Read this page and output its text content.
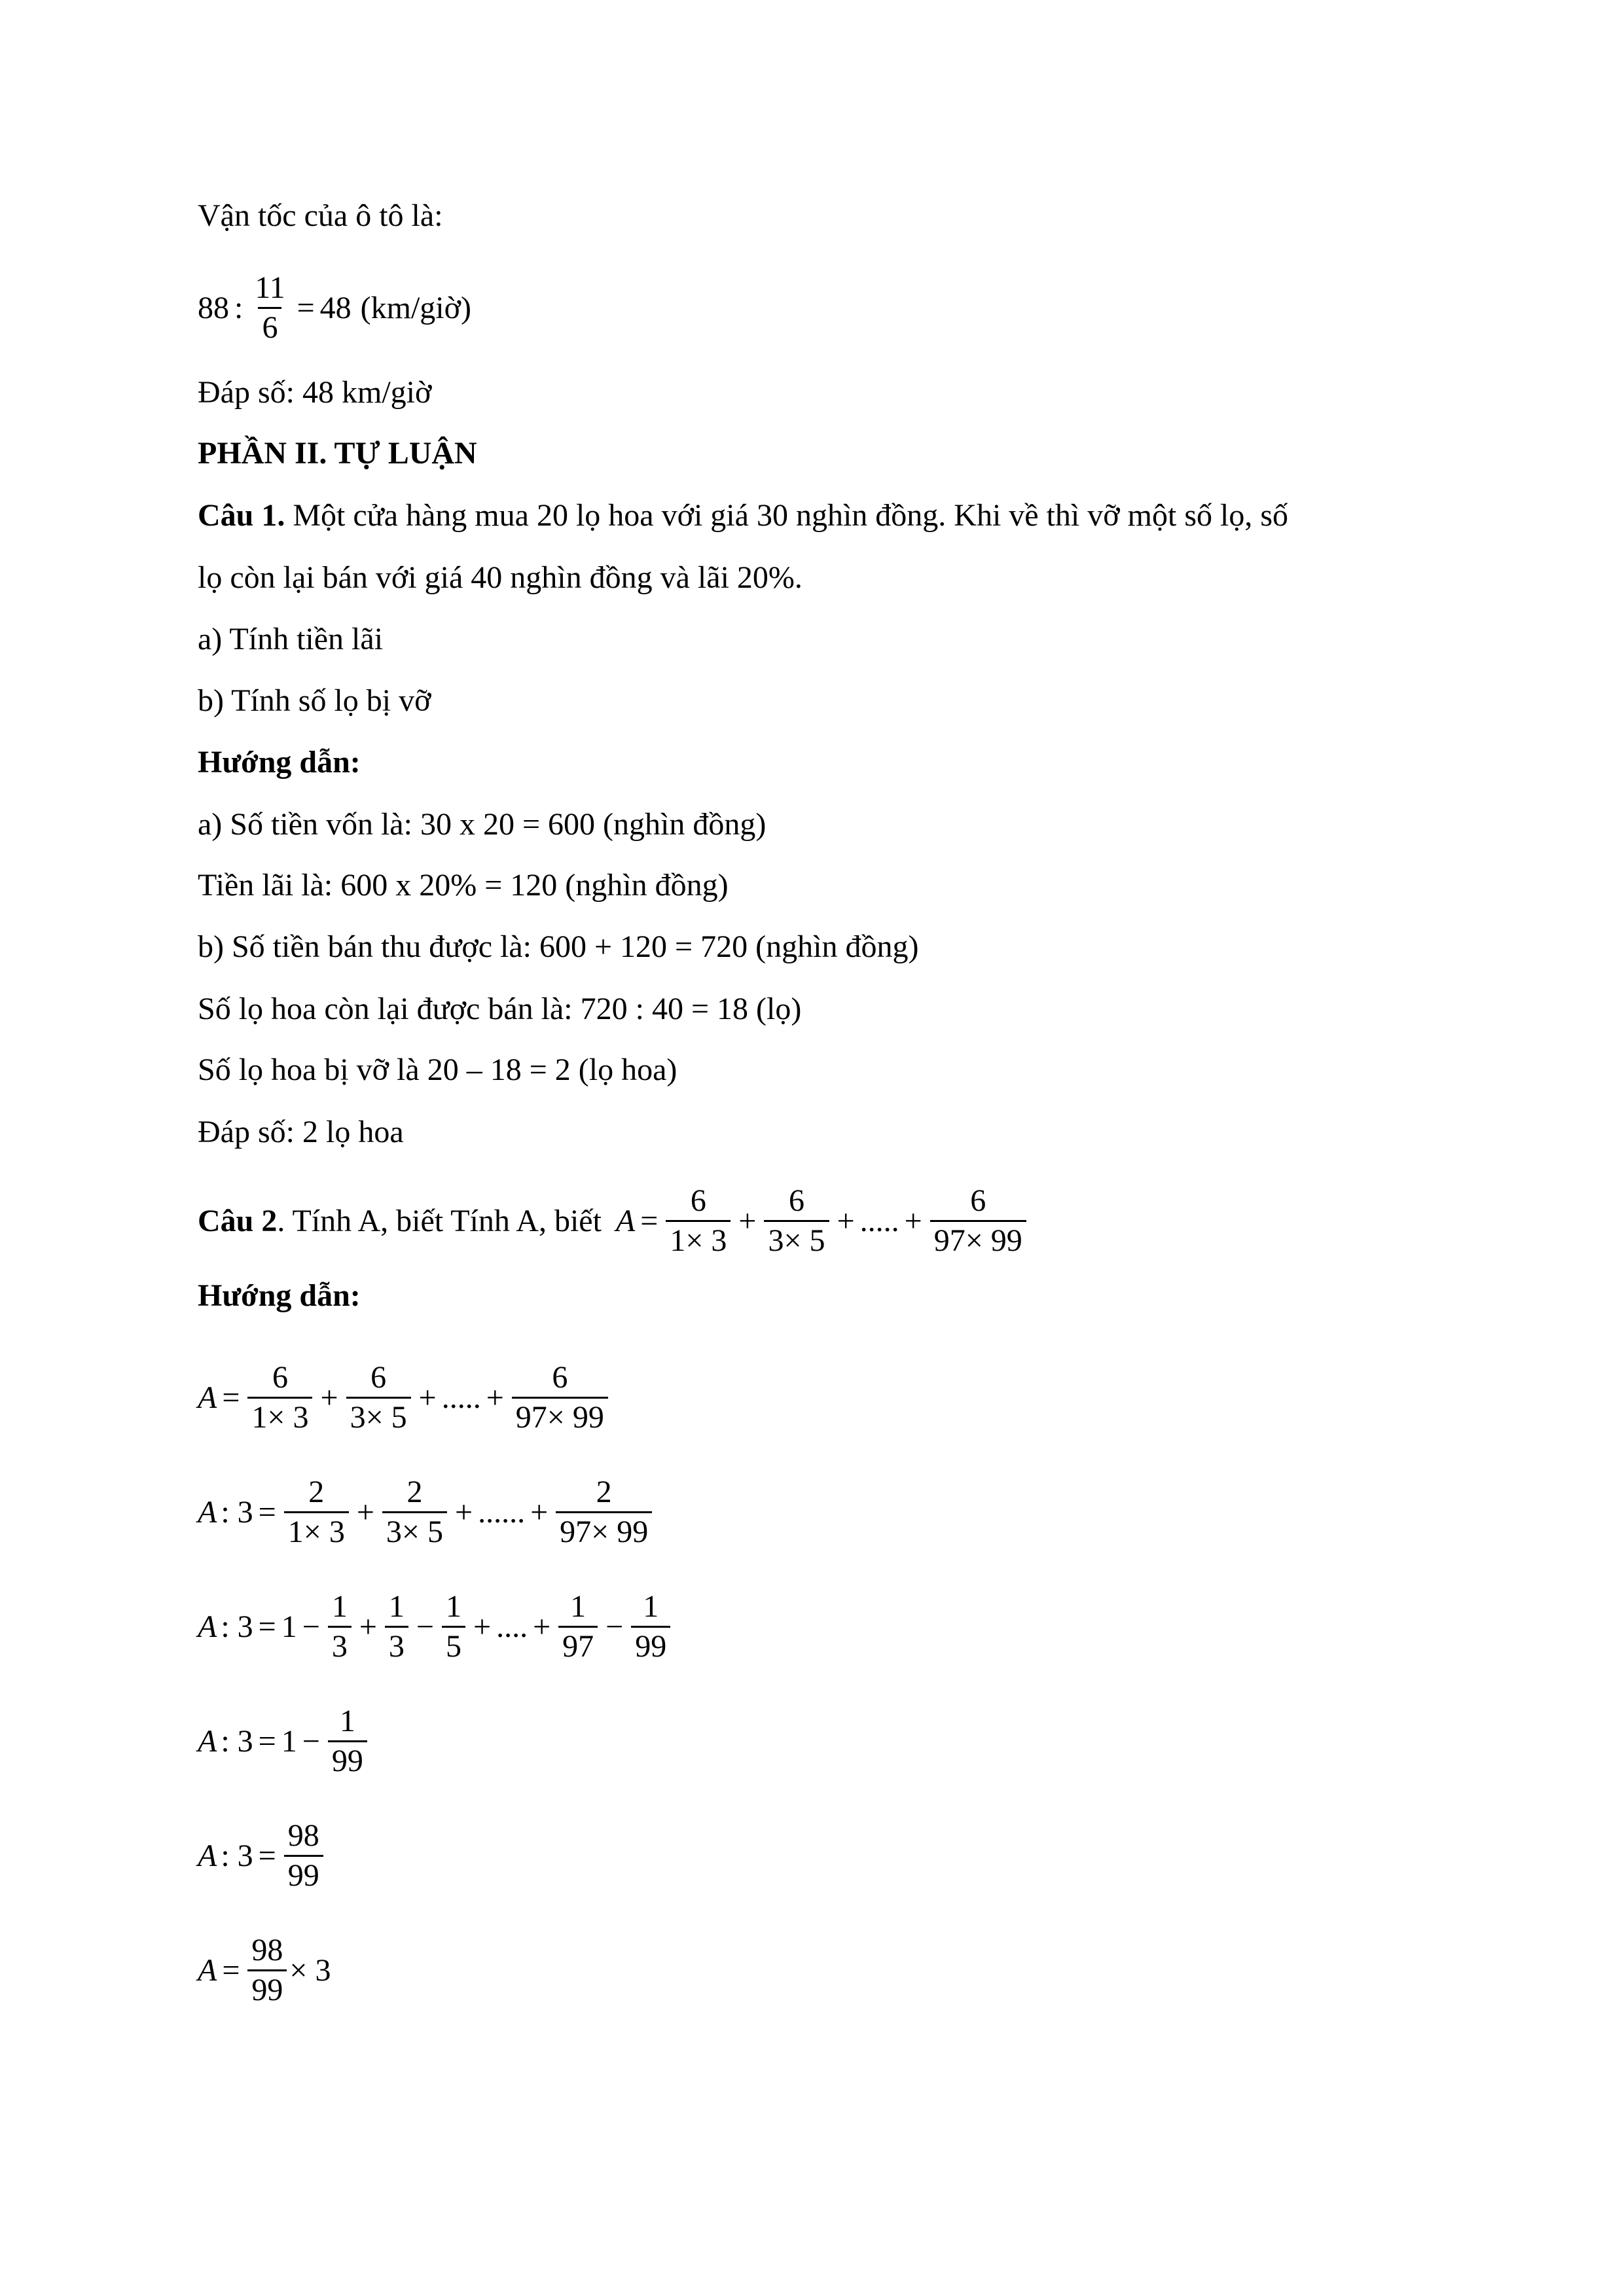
Vận tốc của ô tô là:
88 : $\frac{11}{6} = 48$ (km/giờ)
Đáp số: 48 km/giờ
PHẦN II. TỰ LUẬN
Câu 1. Một cửa hàng mua 20 lọ hoa với giá 30 nghìn đồng. Khi về thì vỡ một số lọ, số
lọ còn lại bán với giá 40 nghìn đồng và lãi 20%.
a) Tính tiền lãi
b) Tính số lọ bị vỡ
Hướng dẫn:
a) Số tiền vốn là: 30 x 20 = 600 (nghìn đồng)
Tiền lãi là: 600 x 20% = 120 (nghìn đồng)
b) Số tiền bán thu được là: 600 + 120 = 720 (nghìn đồng)
Số lọ hoa còn lại được bán là: 720 : 40 = 18 (lọ)
Số lọ hoa bị vỡ là 20 – 18 = 2 (lọ hoa)
Đáp số: 2 lọ hoa
Câu 2 . Tính A, biết Tính A, biết $A = \frac{6}{1\times 3} + \frac{6}{3\times 5}$ + ..... + $\frac{6}{97\times 99}$
Hướng dẫn:
$A = \frac{6}{1\times 3} + \frac{6}{3\times 5}$ + ..... + $\frac{6}{97\times 99}$
A : $3 = \frac{2}{1\times 3} + \frac{2}{3\times 5}$ + ...... + $\frac{2}{97\times 99}$
A : $3 = 1 - \frac{1}{3} + \frac{1}{3} - \frac{1}{5}$ + .... + $\frac{1}{97} - \frac{1}{99}$
A : $3 = 1 - \frac{1}{99}$
A : $3 = \frac{98}{99}$
$A = \frac{98}{99} \times 3$
